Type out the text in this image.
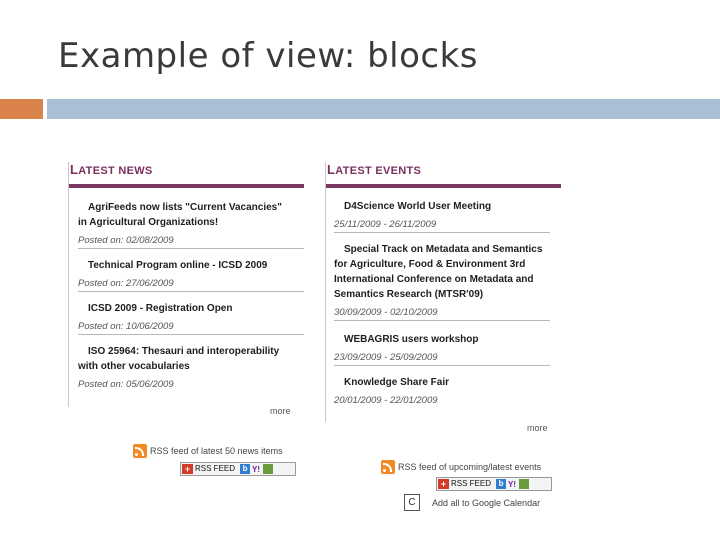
Example of view: blocks
LATEST NEWS
AgriFeeds now lists "Current Vacancies"
in Agricultural Organizations!
Posted on: 02/08/2009
Technical Program online - ICSD 2009
Posted on: 27/06/2009
ICSD 2009 - Registration Open
Posted on: 10/06/2009
ISO 25964: Thesauri and interoperability
with other vocabularies
Posted on: 05/06/2009
more
RSS feed of latest 50 news items
+ RSS FEED b Y!
LATEST EVENTS
D4Science World User Meeting
25/11/2009 - 26/11/2009
Special Track on Metadata and Semantics
for Agriculture, Food & Environment 3rd
International Conference on Metadata and
Semantics Research (MTSR'09)
30/09/2009 - 02/10/2009
WEBAGRIS users workshop
23/09/2009 - 25/09/2009
Knowledge Share Fair
20/01/2009 - 22/01/2009
more
RSS feed of upcoming/latest events
+ RSS FEED b Y!
C	Add all to Google Calendar
